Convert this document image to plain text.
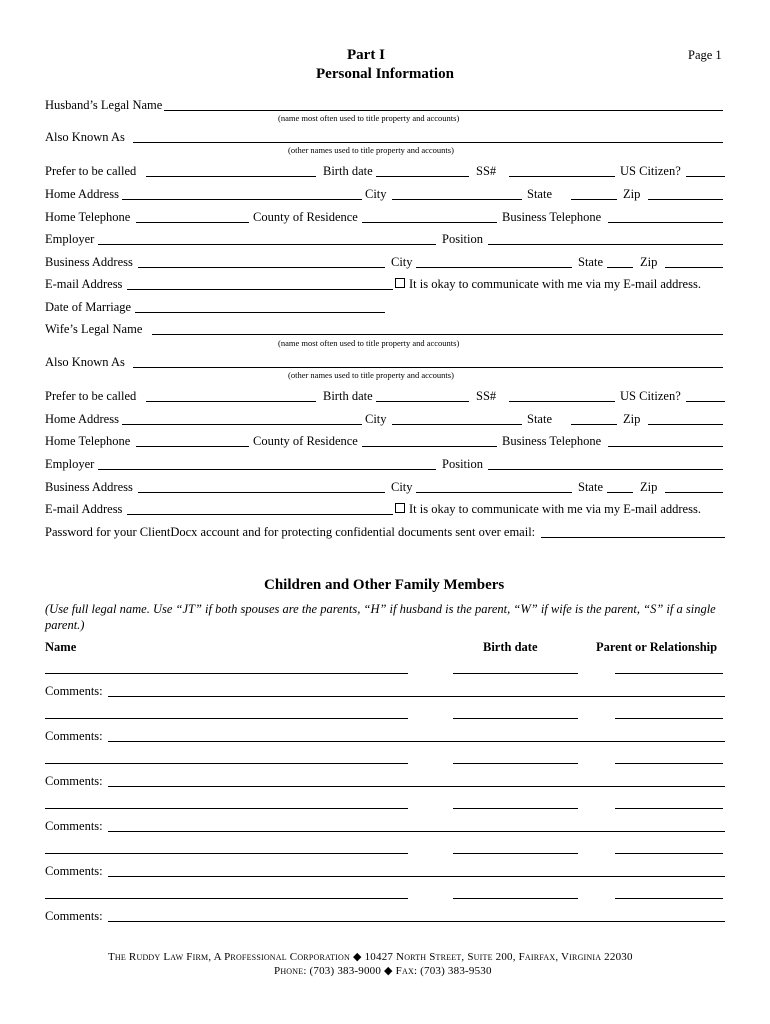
Part I
Personal Information
Page 1
Husband’s Legal Name
(name most often used to title property and accounts)
Also Known As
(other names used to title property and accounts)
Prefer to be called	Birth date	SS#	US Citizen?
Home Address	City	State	Zip
Home Telephone	County of Residence	Business Telephone
Employer	Position
Business Address	City	State	Zip
E-mail Address	It is okay to communicate with me via my E-mail address.
Date of Marriage
Wife’s Legal Name
(name most often used to title property and accounts)
Also Known As
(other names used to title property and accounts)
Prefer to be called	Birth date	SS#	US Citizen?
Home Address	City	State	Zip
Home Telephone	County of Residence	Business Telephone
Employer	Position
Business Address	City	State	Zip
E-mail Address	It is okay to communicate with me via my E-mail address.
Password for your ClientDocx account and for protecting confidential documents sent over email:
Children and Other Family Members
(Use full legal name. Use “JT” if both spouses are the parents, “H” if husband is the parent, “W” if wife is the parent, “S” if a single parent.)
Name	Birth date	Parent or Relationship
Comments:
Comments:
Comments:
Comments:
Comments:
Comments:
The Ruddy Law Firm, A Professional Corporation ◆ 10427 North Street, Suite 200, Fairfax, Virginia 22030
Phone: (703) 383-9000 ◆ Fax: (703) 383-9530
